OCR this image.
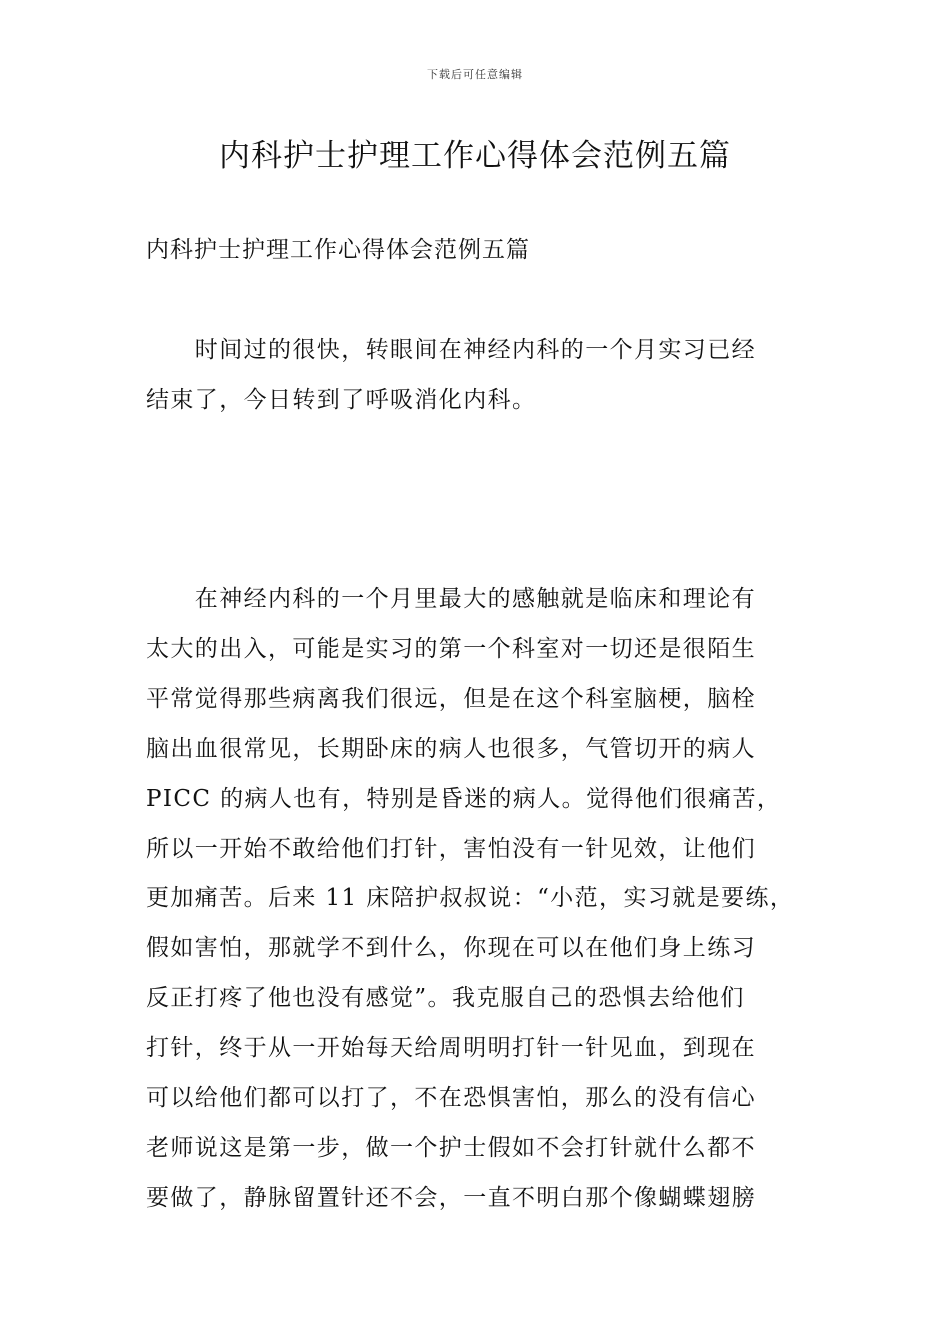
下载后可任意编辑
内科护士护理工作心得体会范例五篇
内科护士护理工作心得体会范例五篇
　　时间过的很快，转眼间在神经内科的一个月实习已经
结束了，今日转到了呼吸消化内科。
　　在神经内科的一个月里最大的感触就是临床和理论有
太大的出入，可能是实习的第一个科室对一切还是很陌生
平常觉得那些病离我们很远，但是在这个科室脑梗，脑栓
脑出血很常见，长期卧床的病人也很多，气管切开的病人
PICC 的病人也有，特别是昏迷的病人。觉得他们很痛苦，
所以一开始不敢给他们打针，害怕没有一针见效，让他们
更加痛苦。后来 11 床陪护叔叔说：“小范，实习就是要练，
假如害怕，那就学不到什么，你现在可以在他们身上练习
反正打疼了他也没有感觉”。我克服自己的恐惧去给他们
打针，终于从一开始每天给周明明打针一针见血，到现在
可以给他们都可以打了，不在恐惧害怕，那么的没有信心
老师说这是第一步，做一个护士假如不会打针就什么都不
要做了，静脉留置针还不会，一直不明白那个像蝴蝶翅膀
